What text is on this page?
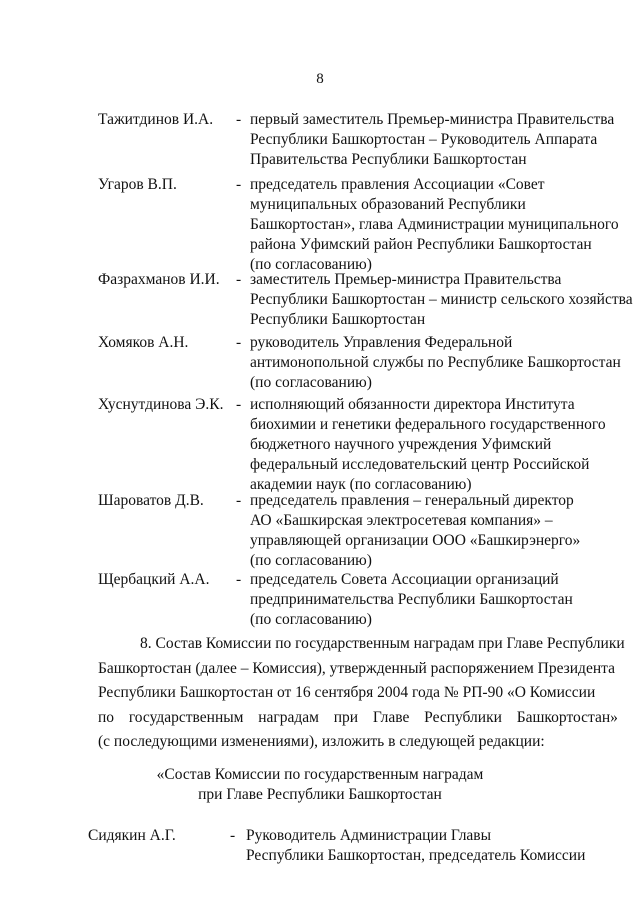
8
Тажитдинов И.А. - первый заместитель Премьер-министра Правительства
Республики Башкортостан – Руководитель Аппарата
Правительства Республики Башкортостан
Угаров В.П.	- председатель правления Ассоциации «Совет
муниципальных образований Республики
Башкортостан», глава Администрации муниципального
района Уфимский район Республики Башкортостан
(по согласованию)
Фазрахманов И.И. - заместитель Премьер-министра Правительства
Республики Башкортостан – министр сельского хозяйства
Республики Башкортостан
Хомяков А.Н.	- руководитель Управления Федеральной
антимонопольной службы по Республике Башкортостан
(по согласованию)
Хуснутдинова Э.К. - исполняющий обязанности директора Института
биохимии и генетики федерального государственного
бюджетного научного учреждения Уфимский
федеральный исследовательский центр Российской
академии наук (по согласованию)
Шароватов Д.В. - председатель правления – генеральный директор
АО «Башкирская электросетевая компания» –
управляющей организации ООО «Башкирэнерго»
(по согласованию)
Щербацкий А.А. - председатель Совета Ассоциации организаций
предпринимательства Республики Башкортостан
(по согласованию)
8. Состав Комиссии по государственным наградам при Главе Республики
Башкортостан (далее – Комиссия), утвержденный распоряжением Президента
Республики Башкортостан от 16 сентября 2004 года № РП-90 «О Комиссии
по государственным наградам при Главе Республики Башкортостан»
(с последующими изменениями), изложить в следующей редакции:
«Состав Комиссии по государственным наградам
при Главе Республики Башкортостан
Сидякин А.Г.	- Руководитель Администрации Главы
Республики Башкортостан, председатель Комиссии
